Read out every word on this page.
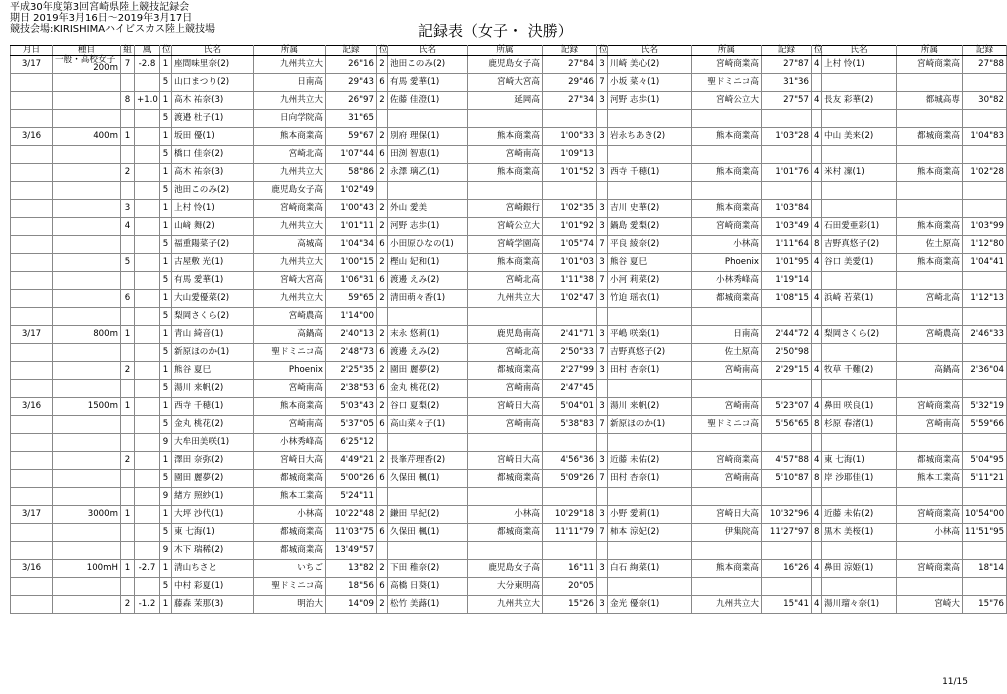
平成30年度第3回宮崎県陸上競技記録会
期日 2019年3月16日～2019年3月17日
競技会場:KIRISHIMAハイビスカス陸上競技場	記録表（女子・ 決勝）
月日	種目	組	風	位	氏名	所属	記録	位	氏名	所属	記録	位	氏名	所属	記録	位	氏名	所属	記録
3/17	一般・高校女子
200m	7	-2.8	1	座間味里奈(2)	九州共立大	26"16	2	池田このみ(2)	鹿児島女子高	27"84	3	川崎 美心(2)	宮崎商業高	27"87	4	上村 怜(1)	宮崎商業高	27"88

			5	山口まつり(2)	日南高	29"43	6	有馬 愛華(1)	宮崎大宮高	29"46	7	小坂 菜々(1)	聖ドミニコ高	31"36				

	8	+1.0	1	高木 祐奈(3)	九州共立大	26"97	2	佐藤 佳澄(1)	延岡高	27"34	3	河野 志歩(1)	宮崎公立大	27"57	4	長友 彩華(2)	都城高専	30"82

			5	渡邉 杜子(1)	日向学院高	31"65												
3/16	400m	1		1	坂田 優(1)	熊本商業高	59"67	2	別府 理保(1)	熊本商業高	1'00"33	3	岩永ちあき(2)	熊本商業高	1'03"28	4	中山 美来(2)	都城商業高	1'04"83

			5	橋口 佳奈(2)	宮崎北高	1'07"44	6	田渕 智恵(1)	宮崎南高	1'09"13								

	2		1	高木 祐奈(3)	九州共立大	58"86	2	永澤 璃乙(1)	熊本商業高	1'01"52	3	西寺 千穂(1)	熊本商業高	1'01"76	4	米村 凜(1)	熊本商業高	1'02"28

			5	池田このみ(2)	鹿児島女子高	1'02"49												

	3		1	上村 怜(1)	宮崎商業高	1'00"43	2	外山 愛美	宮崎銀行	1'02"35	3	吉川 史華(2)	熊本商業高	1'03"84				

	4		1	山﨑 舞(2)	九州共立大	1'01"11	2	河野 志歩(1)	宮崎公立大	1'01"92	3	鍋島 愛梨(2)	宮崎商業高	1'03"49	4	石田愛亜彩(1)	熊本商業高	1'03"99

			5	福重陽菜子(2)	高城高	1'04"34	6	小田原ひなの(1)	宮崎学園高	1'05"74	7	平良 綾奈(2)	小林高	1'11"64	8	吉野真悠子(2)	佐土原高	1'12"80

	5		1	古屋敷 光(1)	九州共立大	1'00"15	2	樫山 妃和(1)	熊本商業高	1'01"03	3	熊谷 夏巳	Phoenix	1'01"95	4	谷口 美愛(1)	熊本商業高	1'04"41

			5	有馬 愛華(1)	宮崎大宮高	1'06"31	6	渡邊 えみ(2)	宮崎北高	1'11"38	7	小河 莉菜(2)	小林秀峰高	1'19"14				

	6		1	大山愛優菜(2)	九州共立大	59"65	2	清田萌々香(1)	九州共立大	1'02"47	3	竹迫 瑶衣(1)	都城商業高	1'08"15	4	浜崎 若菜(1)	宮崎北高	1'12"13

			5	梨岡さくら(2)	宮崎農高	1'14"00												
3/17	800m	1		1	青山 綺音(1)	高鍋高	2'40"13	2	末永 悠莉(1)	鹿児島南高	2'41"71	3	平嶋 咲楽(1)	日南高	2'44"72	4	梨岡さくら(2)	宮崎農高	2'46"33

			5	新原ほのか(1)	聖ドミニコ高	2'48"73	6	渡邊 えみ(2)	宮崎北高	2'50"33	7	吉野真悠子(2)	佐土原高	2'50"98				

	2		1	熊谷 夏巳	Phoenix	2'25"35	2	園田 麗夢(2)	都城商業高	2'27"99	3	田村 杏奈(1)	宮崎南高	2'29"15	4	牧草 千難(2)	高鍋高	2'36"04

			5	湯川 来帆(2)	宮崎南高	2'38"53	6	金丸 桃花(2)	宮崎南高	2'47"45								
3/16	1500m	1		1	西寺 千穂(1)	熊本商業高	5'03"43	2	谷口 夏梨(2)	宮崎日大高	5'04"01	3	湯川 来帆(2)	宮崎南高	5'23"07	4	鼻田 咲良(1)	宮崎商業高	5'32"19

			5	金丸 桃花(2)	宮崎南高	5'37"05	6	高山菜々子(1)	宮崎南高	5'38"83	7	新原ほのか(1)	聖ドミニコ高	5'56"65	8	杉原 春渚(1)	宮崎南高	5'59"66

			9	大牟田美咲(1)	小林秀峰高	6'25"12												

	2		1	澤田 奈弥(2)	宮崎日大高	4'49"21	2	長峯芹理香(2)	宮崎日大高	4'56"36	3	近藤 未佑(2)	宮崎商業高	4'57"88	4	東 七海(1)	都城商業高	5'04"95

			5	園田 麗夢(2)	都城商業高	5'00"26	6	久保田 楓(1)	都城商業高	5'09"26	7	田村 杏奈(1)	宮崎南高	5'10"87	8	岸 沙耶佳(1)	熊本工業高	5'11"21

			9	緒方 照紗(1)	熊本工業高	5'24"11												
3/17	3000m	1		1	大坪 沙代(1)	小林高	10'22"48	2	鎌田 早紀(2)	小林高	10'29"18	3	小野 愛莉(1)	宮崎日大高	10'32"96	4	近藤 未佑(2)	宮崎商業高	10'54"00

			5	東 七海(1)	都城商業高	11'03"75	6	久保田 楓(1)	都城商業高	11'11"79	7	柿本 涼妃(2)	伊集院高	11'27"97	8	黒木 美桜(1)	小林高	11'51"95

			9	木下 瑞稀(2)	都城商業高	13'49"57												
3/16	100mH	1	-2.7	1	清山ちさと	いちご	13"82	2	下田 稚奈(2)	鹿児島女子高	16"11	3	白石 絢菜(1)	熊本商業高	16"26	4	鼻田 涼姫(1)	宮崎商業高	18"14

			5	中村 彩夏(1)	聖ドミニコ高	18"56	6	高橋 日葵(1)	大分東明高	20"05								

	2	-1.2	1	藤森 茉那(3)	明治大	14"09	2	松竹 美蕗(1)	九州共立大	15"26	3	金光 優奈(1)	九州共立大	15"41	4	湯川瑠々奈(1)	宮崎大	15"76
11/15
